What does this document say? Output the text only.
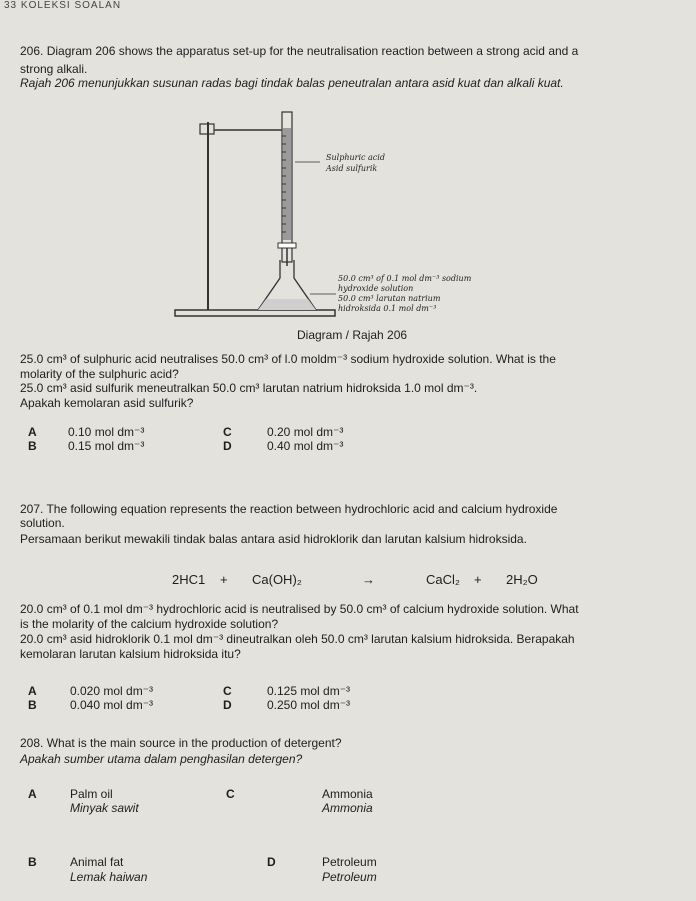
33 KOLEKSI SOALAN
206. Diagram 206 shows the apparatus set-up for the neutralisation reaction between a strong acid and a
strong alkali.
Rajah 206 menunjukkan susunan radas bagi tindak balas peneutralan antara asid kuat dan alkali kuat.
Sulphuric acid
Asid sulfurik
50.0 cm³ of 0.1 mol dm⁻³ sodium
hydroxide solution
50.0 cm³ larutan natrium
hidroksida 0.1 mol dm⁻³
Diagram / Rajah 206
25.0 cm³ of sulphuric acid neutralises 50.0 cm³ of l.0 moldm⁻³ sodium hydroxide solution. What is the
molarity of the sulphuric acid?
25.0 cm³ asid sulfurik meneutralkan 50.0 cm³ larutan natrium hidroksida 1.0 mol dm⁻³.
Apakah kemolaran asid sulfurik?
A	0.10 mol dm⁻³
B	0.15 mol dm⁻³
C	0.20 mol dm⁻³
D	0.40 mol dm⁻³
207. The following equation represents the reaction between hydrochloric acid and calcium hydroxide
solution.
Persamaan berikut mewakili tindak balas antara asid hidroklorik dan larutan kalsium hidroksida.
2HC1 + Ca(OH)₂	→	CaCl₂ + 2H₂O
20.0 cm³ of 0.1 mol dm⁻³ hydrochloric acid is neutralised by 50.0 cm³ of calcium hydroxide solution. What
is the molarity of the calcium hydroxide solution?
20.0 cm³ asid hidroklorik 0.1 mol dm⁻³ dineutralkan oleh 50.0 cm³ larutan kalsium hidroksida. Berapakah
kemolaran larutan kalsium hidroksida itu?
A	0.020 mol dm⁻³
B	0.040 mol dm⁻³
C	0.125 mol dm⁻³
D	0.250 mol dm⁻³
208. What is the main source in the production of detergent?
Apakah sumber utama dalam penghasilan detergen?
A	Palm oil
Minyak sawit
C	Ammonia
Ammonia
B	Animal fat
Lemak haiwan
D	Petroleum
Petroleum
